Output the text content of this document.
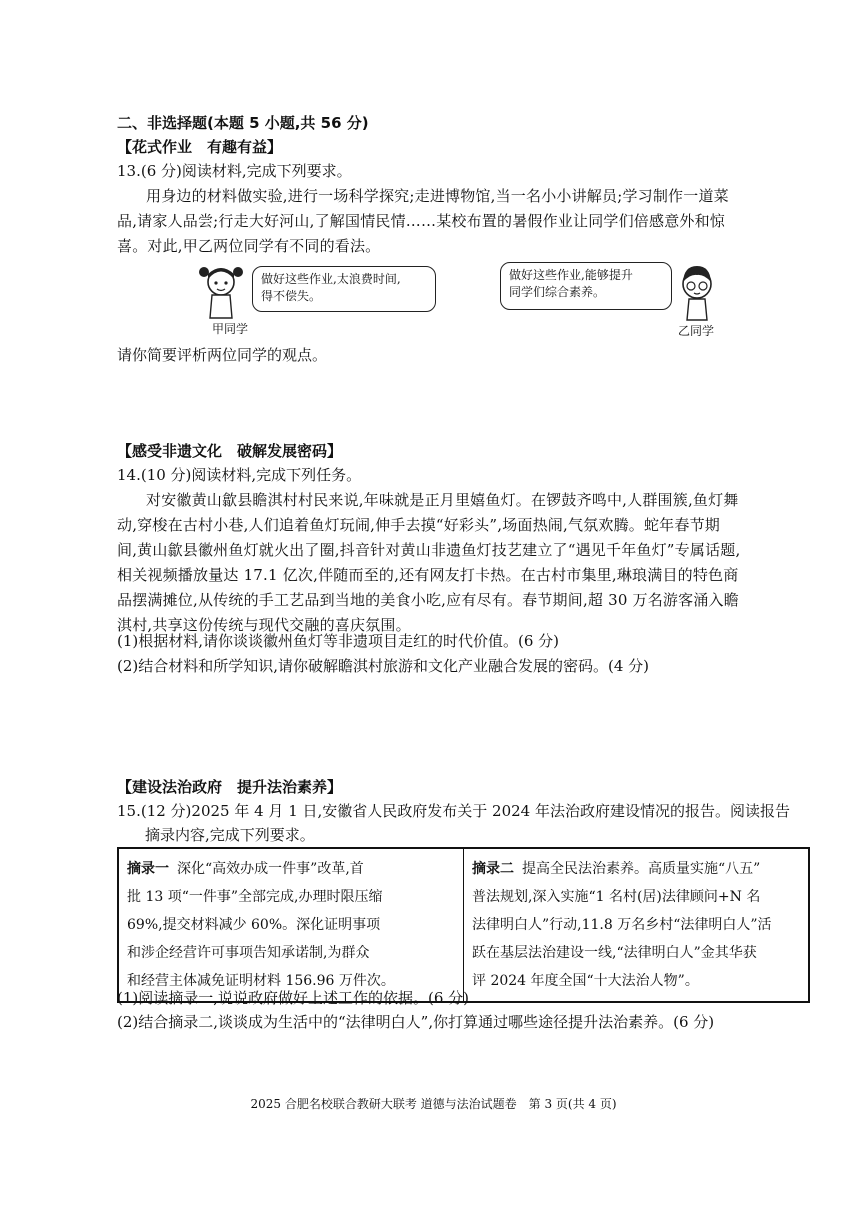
二、非选择题(本题 5 小题,共 56 分)
【花式作业　有趣有益】
13.(6 分)阅读材料,完成下列要求。
用身边的材料做实验,进行一场科学探究;走进博物馆,当一名小小讲解员;学习制作一道菜
品,请家人品尝;行走大好河山,了解国情民情……某校布置的暑假作业让同学们倍感意外和惊
喜。对此,甲乙两位同学有不同的看法。
做好这些作业,太浪费时间,
得不偿失。
甲同学
做好这些作业,能够提升
同学们综合素养。
乙同学
请你简要评析两位同学的观点。
【感受非遗文化　破解发展密码】
14.(10 分)阅读材料,完成下列任务。
对安徽黄山歙县瞻淇村村民来说,年味就是正月里嬉鱼灯。在锣鼓齐鸣中,人群围簇,鱼灯舞
动,穿梭在古村小巷,人们追着鱼灯玩闹,伸手去摸“好彩头”,场面热闹,气氛欢腾。蛇年春节期
间,黄山歙县徽州鱼灯就火出了圈,抖音针对黄山非遗鱼灯技艺建立了“遇见千年鱼灯”专属话题,
相关视频播放量达 17.1 亿次,伴随而至的,还有网友打卡热。在古村市集里,琳琅满目的特色商
品摆满摊位,从传统的手工艺品到当地的美食小吃,应有尽有。春节期间,超 30 万名游客涌入瞻
淇村,共享这份传统与现代交融的喜庆氛围。
(1)根据材料,请你谈谈徽州鱼灯等非遗项目走红的时代价值。(6 分)
(2)结合材料和所学知识,请你破解瞻淇村旅游和文化产业融合发展的密码。(4 分)
【建设法治政府　提升法治素养】
15.(12 分)2025 年 4 月 1 日,安徽省人民政府发布关于 2024 年法治政府建设情况的报告。阅读报告
摘录内容,完成下列要求。
摘录一 深化“高效办成一件事”改革,首
批 13 项“一件事”全部完成,办理时限压缩
69%,提交材料减少 60%。深化证明事项
和涉企经营许可事项告知承诺制,为群众
和经营主体减免证明材料 156.96 万件次。	摘录二 提高全民法治素养。高质量实施“八五”
普法规划,深入实施“1 名村(居)法律顾问+N 名
法律明白人”行动,11.8 万名乡村“法律明白人”活
跃在基层法治建设一线,“法律明白人”金其华获
评 2024 年度全国“十大法治人物”。
(1)阅读摘录一,说说政府做好上述工作的依据。(6 分)
(2)结合摘录二,谈谈成为生活中的“法律明白人”,你打算通过哪些途径提升法治素养。(6 分)
2025 合肥名校联合教研大联考 道德与法治试题卷　第 3 页(共 4 页)
